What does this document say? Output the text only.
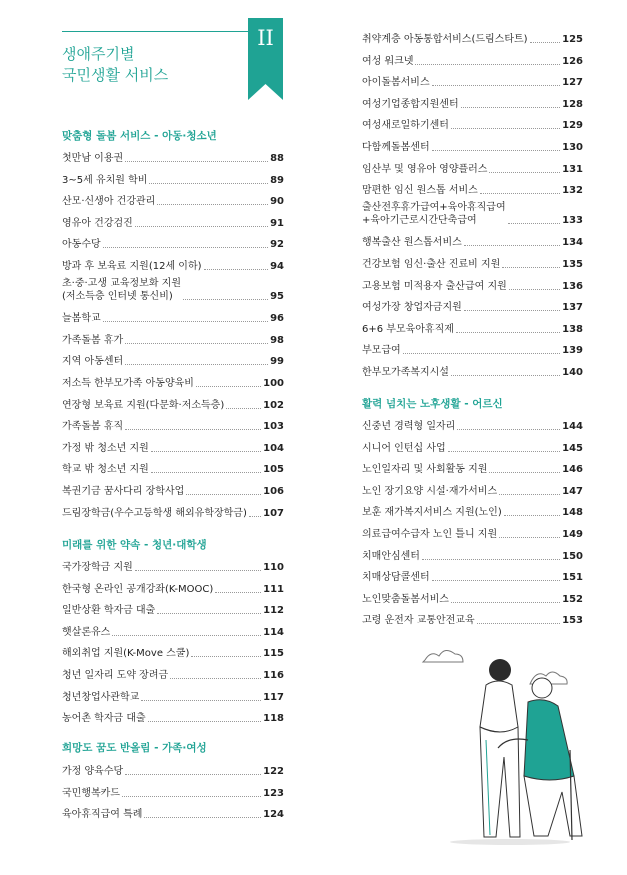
생애주기별
국민생활 서비스
II
맞춤형 돌봄 서비스 - 아동·청소년
첫만남 이용권	88
3~5세 유치원 학비	89
산모·신생아 건강관리	90
영유아 건강검진	91
아동수당	92
방과 후 보육료 지원(12세 이하)	94
초·중·고생 교육정보화 지원
(저소득층 인터넷 통신비)	95
늘봄학교	96
가족돌봄 휴가	98
지역 아동센터	99
저소득 한부모가족 아동양육비	100
연장형 보육료 지원(다문화·저소득층)	102
가족돌봄 휴직	103
가정 밖 청소년 지원	104
학교 밖 청소년 지원	105
복권기금 꿈사다리 장학사업	106
드림장학금(우수고등학생 해외유학장학금) 107
미래를 위한 약속 - 청년·대학생
국가장학금 지원	110
한국형 온라인 공개강좌(K-MOOC)	111
일반상환 학자금 대출	112
햇살론유스	114
해외취업 지원(K-Move 스쿨)	115
청년 일자리 도약 장려금	116
청년창업사관학교	117
농어촌 학자금 대출	118
희망도 꿈도 반올림 - 가족·여성
가정 양육수당	122
국민행복카드	123
육아휴직급여 특례	124
취약계층 아동통합서비스(드림스타트)	125
여성 워크넷	126
아이돌봄서비스	127
여성기업종합지원센터	128
여성새로일하기센터	129
다함께돌봄센터	130
임산부 및 영유아 영양플러스	131
맘편한 임신 원스톱 서비스	132
출산전후휴가급여+육아휴직급여
+육아기근로시간단축급여	133
행복출산 원스톱서비스	134
건강보험 임신·출산 진료비 지원	135
고용보험 미적용자 출산급여 지원	136
여성가장 창업자금지원	137
6+6 부모육아휴직제	138
부모급여	139
한부모가족복지시설	140
활력 넘치는 노후생활 - 어르신
신중년 경력형 일자리	144
시니어 인턴십 사업	145
노인일자리 및 사회활동 지원	146
노인 장기요양 시설·재가서비스	147
보훈 재가복지서비스 지원(노인)	148
의료급여수급자 노인 틀니 지원	149
치매안심센터	150
치매상담콜센터	151
노인맞춤돌봄서비스	152
고령 운전자 교통안전교육	153
